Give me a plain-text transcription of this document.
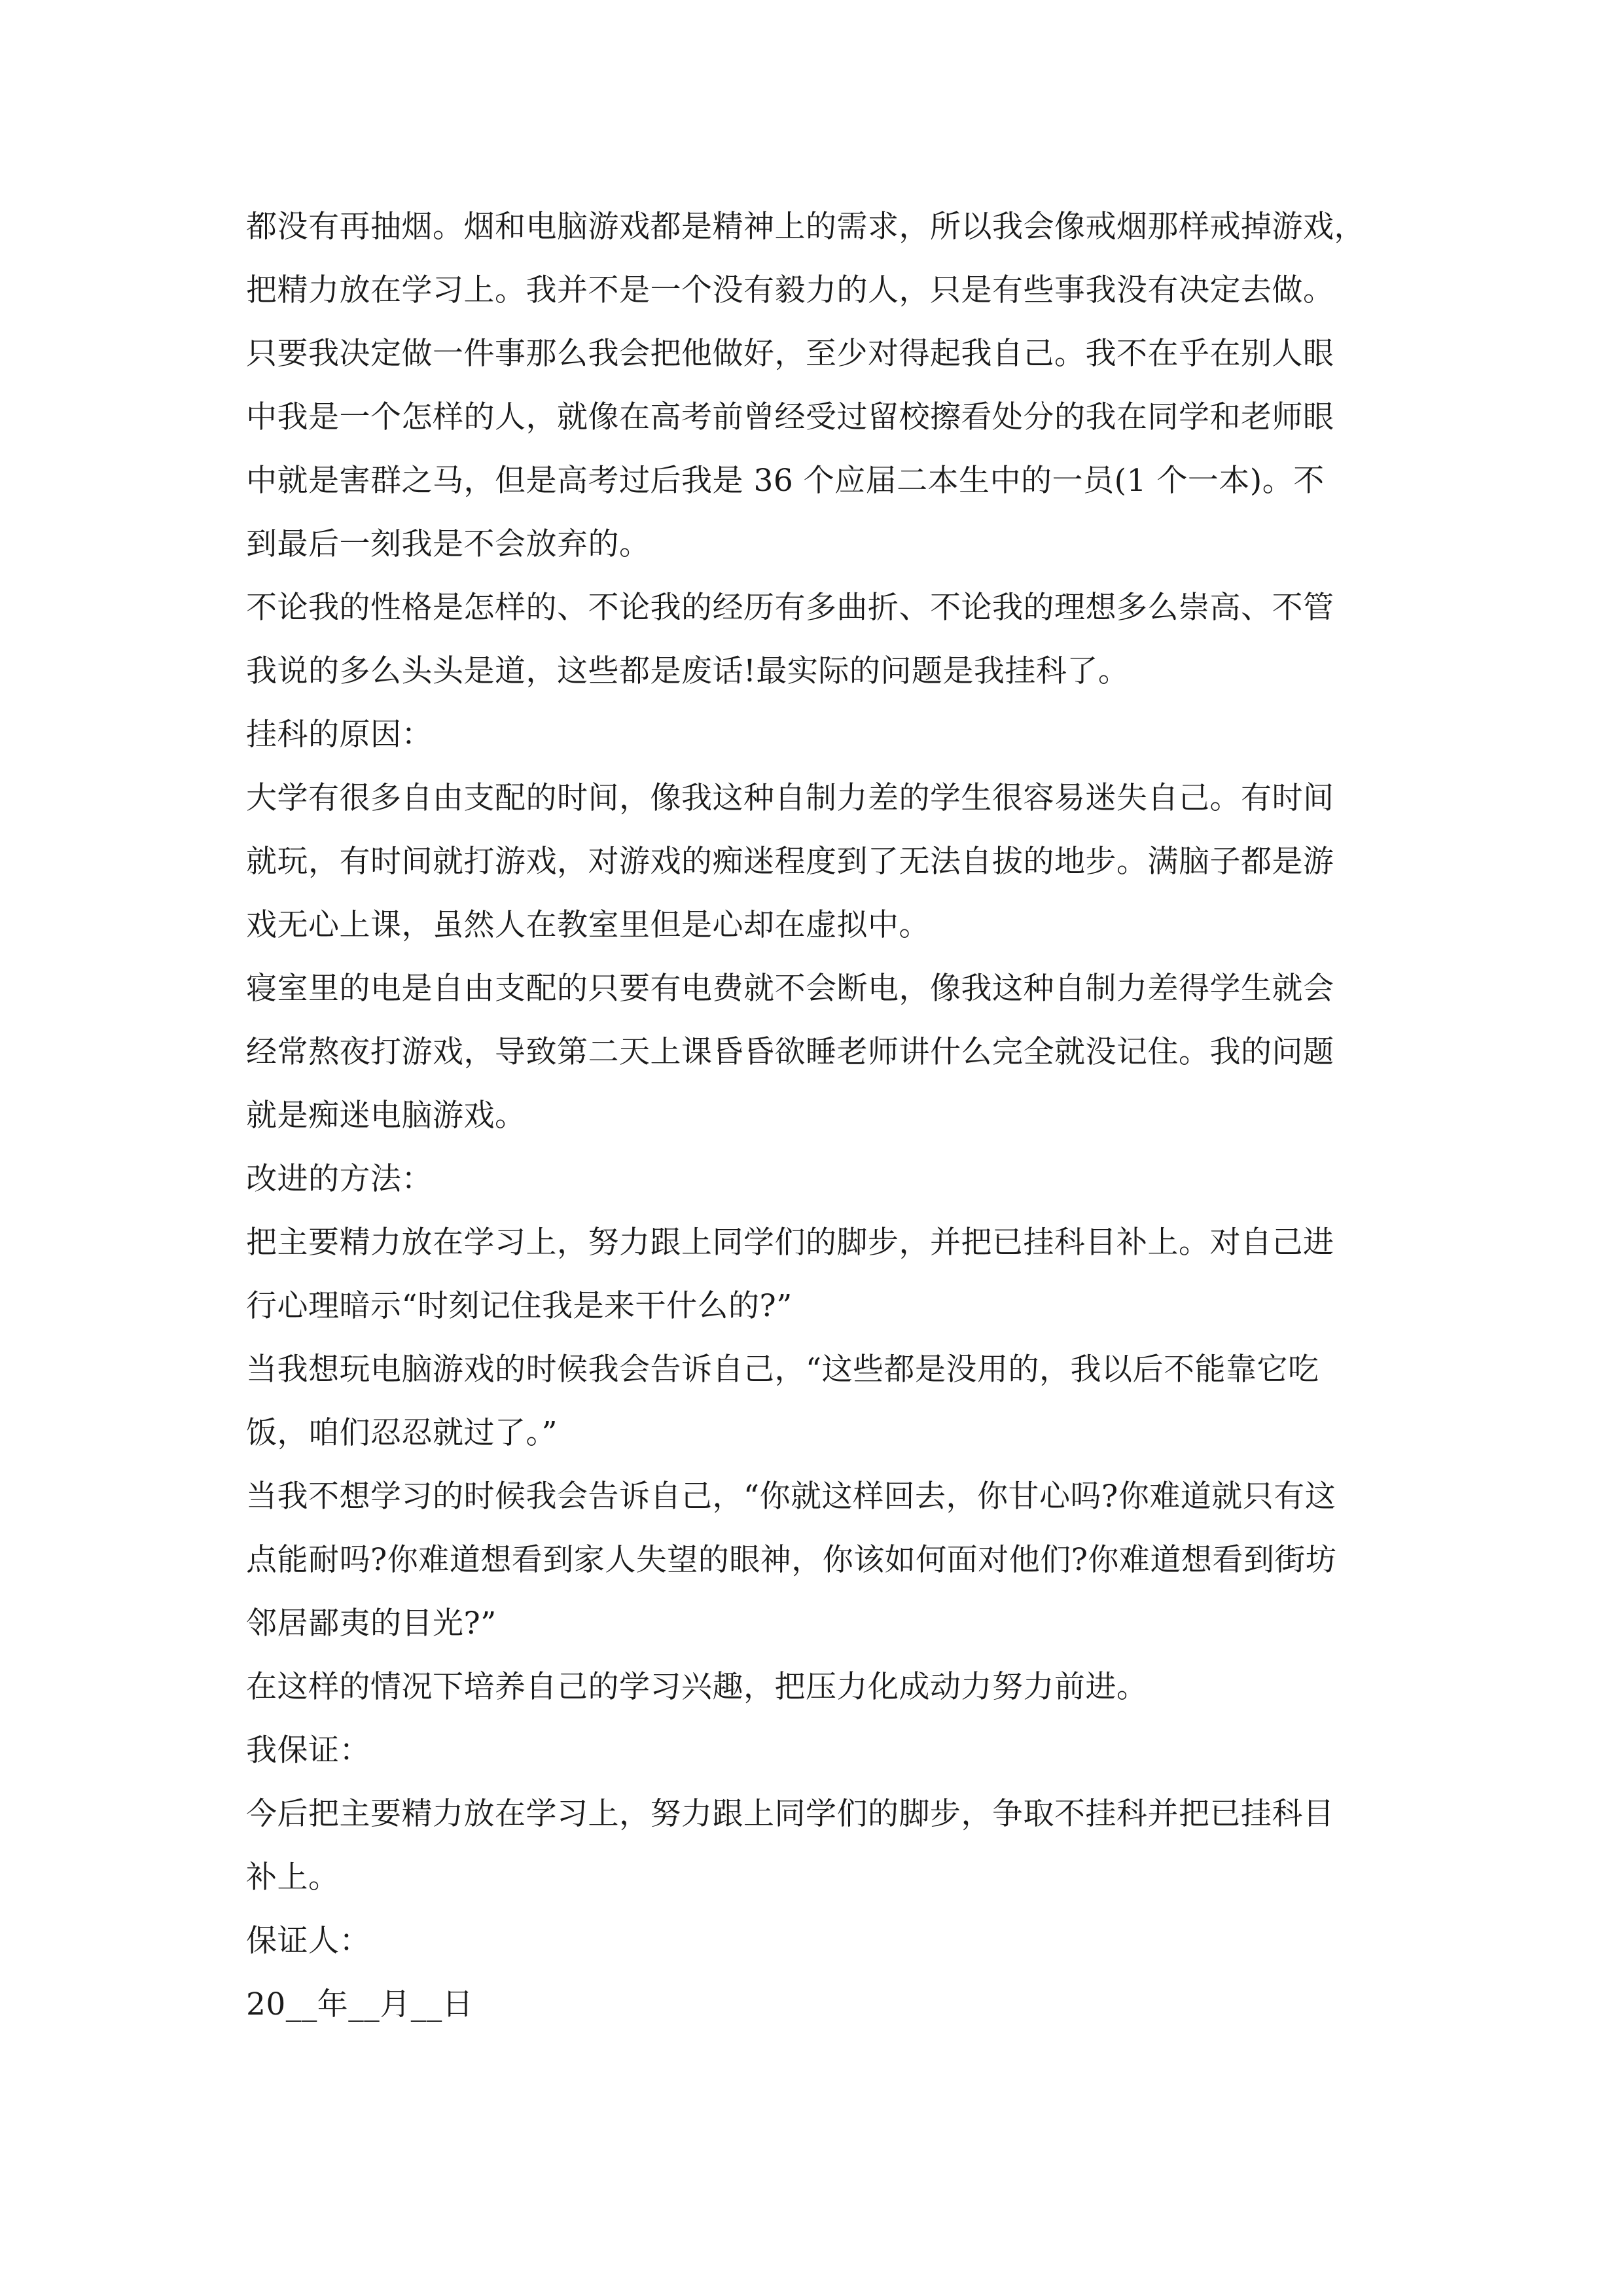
都没有再抽烟。烟和电脑游戏都是精神上的需求，所以我会像戒烟那样戒掉游戏，
把精力放在学习上。我并不是一个没有毅力的人，只是有些事我没有决定去做。
只要我决定做一件事那么我会把他做好，至少对得起我自己。我不在乎在别人眼
中我是一个怎样的人，就像在高考前曾经受过留校擦看处分的我在同学和老师眼
中就是害群之马，但是高考过后我是 36 个应届二本生中的一员(1 个一本)。不
到最后一刻我是不会放弃的。
不论我的性格是怎样的、不论我的经历有多曲折、不论我的理想多么崇高、不管
我说的多么头头是道，这些都是废话!最实际的问题是我挂科了。
挂科的原因：
大学有很多自由支配的时间，像我这种自制力差的学生很容易迷失自己。有时间
就玩，有时间就打游戏，对游戏的痴迷程度到了无法自拔的地步。满脑子都是游
戏无心上课，虽然人在教室里但是心却在虚拟中。
寝室里的电是自由支配的只要有电费就不会断电，像我这种自制力差得学生就会
经常熬夜打游戏，导致第二天上课昏昏欲睡老师讲什么完全就没记住。我的问题
就是痴迷电脑游戏。
改进的方法：
把主要精力放在学习上，努力跟上同学们的脚步，并把已挂科目补上。对自己进
行心理暗示“时刻记住我是来干什么的?”
当我想玩电脑游戏的时候我会告诉自己，“这些都是没用的，我以后不能靠它吃
饭，咱们忍忍就过了。”
当我不想学习的时候我会告诉自己，“你就这样回去，你甘心吗?你难道就只有这
点能耐吗?你难道想看到家人失望的眼神，你该如何面对他们?你难道想看到街坊
邻居鄙夷的目光?”
在这样的情况下培养自己的学习兴趣，把压力化成动力努力前进。
我保证：
今后把主要精力放在学习上，努力跟上同学们的脚步，争取不挂科并把已挂科目
补上。
保证人：
20__年__月__日
